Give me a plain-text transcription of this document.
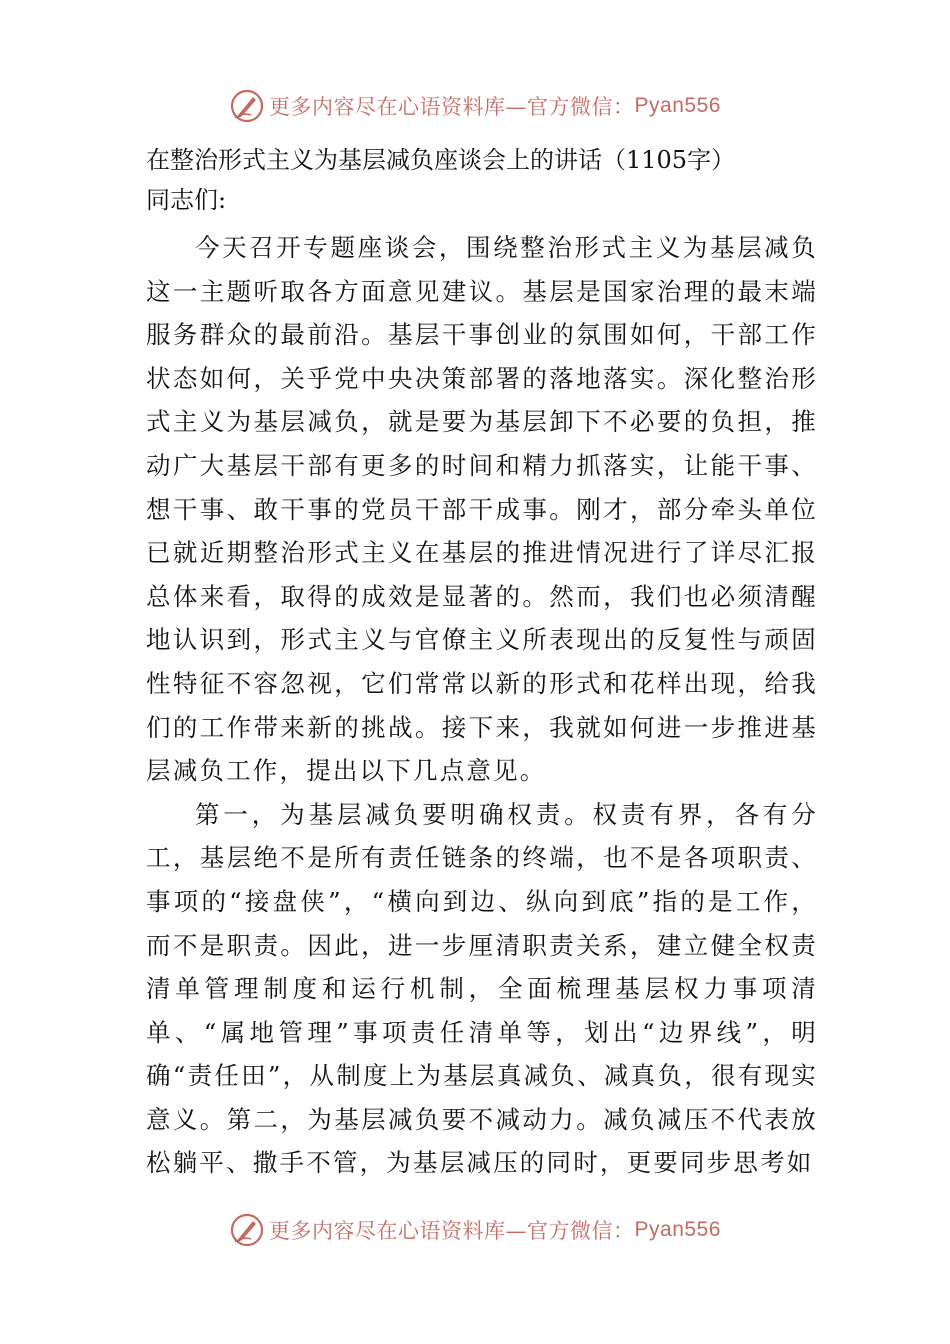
更多内容尽在心语资料库—官方微信： Pyan556
在整治形式主义为基层减负座谈会上的讲话（1105字）

同志们:

今天召开专题座谈会，围绕整治形式主义为基层减负这一主题听取各方面意见建议。基层是国家治理的最末端服务群众的最前沿。基层干事创业的氛围如何，干部工作状态如何，关乎党中央决策部署的落地落实。深化整治形式主义为基层减负，就是要为基层卸下不必要的负担，推动广大基层干部有更多的时间和精力抓落实，让能干事、想干事、敢干事的党员干部干成事。刚才，部分牵头单位已就近期整治形式主义在基层的推进情况进行了详尽汇报总体来看，取得的成效是显著的。然而，我们也必须清醒地认识到，形式主义与官僚主义所表现出的反复性与顽固性特征不容忽视，它们常常以新的形式和花样出现，给我们的工作带来新的挑战。接下来，我就如何进一步推进基层减负工作，提出以下几点意见。

第一，为基层减负要明确权责。权责有界，各有分工，基层绝不是所有责任链条的终端，也不是各项职责、事项的“接盘侠”，“横向到边、纵向到底”指的是工作，而不是职责。因此，进一步厘清职责关系，建立健全权责清单管理制度和运行机制，全面梳理基层权力事项清单、“属地管理”事项责任清单等，划出“边界线”，明确“责任田”，从制度上为基层真减负、减真负，很有现实意义。第二，为基层减负要不减动力。减负减压不代表放松躺平、撒手不管，为基层减压的同时，更要同步思考如

更多内容尽在心语资料库—官方微信： Pyan556
